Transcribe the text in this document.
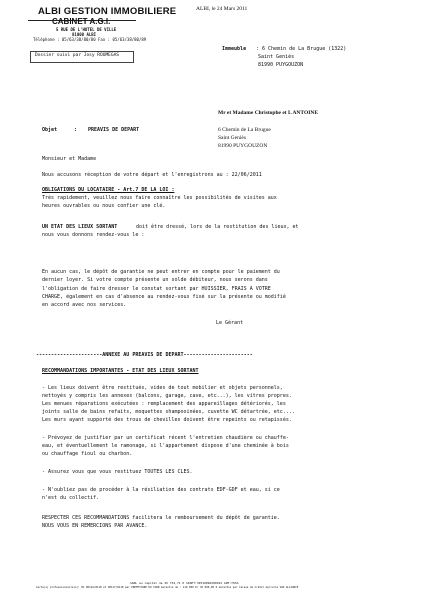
ALBI GESTION IMMOBILIERE
CABINET A.G.I.
5 RUE DE L'HOTEL DE VILLE
81000 ALBI
Téléphone : 05/63/38/80/80 Fax : 05/63/38/80/89
Dossier suivi par Josy ROUMEGAS
ALBI, le 24 Mars 2011
Immeuble : 6 Chemin de La Brugue (1322)
Saint Geniès
81990 PUYGOUZON
Mr et Madame Christophe et L ANTOINE
6 Chemin de La Brugue
Saint Geniès
81990 PUYGOUZON
Objet	: PREAVIS DE DEPART
Monsieur et Madame
Nous accusons réception de votre départ et l'enregistrons au : 22/06/2011
OBLIGATIONS DU LOCATAIRE - Art.7 DE LA LOI :
Très rapidement, veuillez nous faire connaître les possibilités de visites aux
heures ouvrables ou nous confier une clé.
UN ETAT DES LIEUX SORTANT	doit être dressé, lors de la restitution des lieux, et
nous vous donnons rendez-vous le :
En aucun cas, le dépôt de garantie ne peut entrer en compte pour le paiement du
dernier loyer. Si votre compte présente un solde débiteur, nous serons dans
l'obligation de faire dresser le constat sortant par HUISSIER, FRAIS A VOTRE
CHARGE, également en cas d'absence au rendez-vous fixé sur la présente ou modifié
en accord avec nos services.
Le Gérant
----------------------ANNEXE AU PREAVIS DE DEPART-----------------------
RECOMMANDATIONS IMPORTANTES - ETAT DES LIEUX SORTANT
- Les lieux doivent être restitués, vides de tout mobilier et objets personnels,
nettoyés y compris les annexes (balcons, garage, cave, etc...), les vitres propres.
Les menues réparations exécutées : remplacement des appareillages détériorés, les
joints salle de bains refaits, moquettes shampooinées, cuvette WC détartrée, etc....
Les murs ayant supporté des trous de chevilles doivent être repeints ou retapissés.
- Prévoyez de justifier par un certificat récent l'entretien chaudière ou chauffe-
eau, et éventuellement le ramonage, si l'appartement dispose d'une cheminée à bois
ou chauffage fioul ou charbon.
- Assurez vous que vous restituez TOUTES LES CLES.
- N'oubliez pas de procéder à la résiliation des contrats EDF-GDF et eau, si ce
n'est du collectif.
RESPECTER CES RECOMMANDATIONS facilitera le remboursement du dépôt de garantie.
NOUS VOUS EN REMERCIONS PAR AVANCE.
SARL au capital de 45 734,71 € SIRET:39510096200012 APE:703A
Carte(s) professionnelle(s): 81 0011G/8118 et 0011T/8118 par PREFECTURE DU TARN Garantie de : 110 000 €/ 45 000,00 € Garantie par Caisse de Crédit Agricole SUD ALLIANCE
